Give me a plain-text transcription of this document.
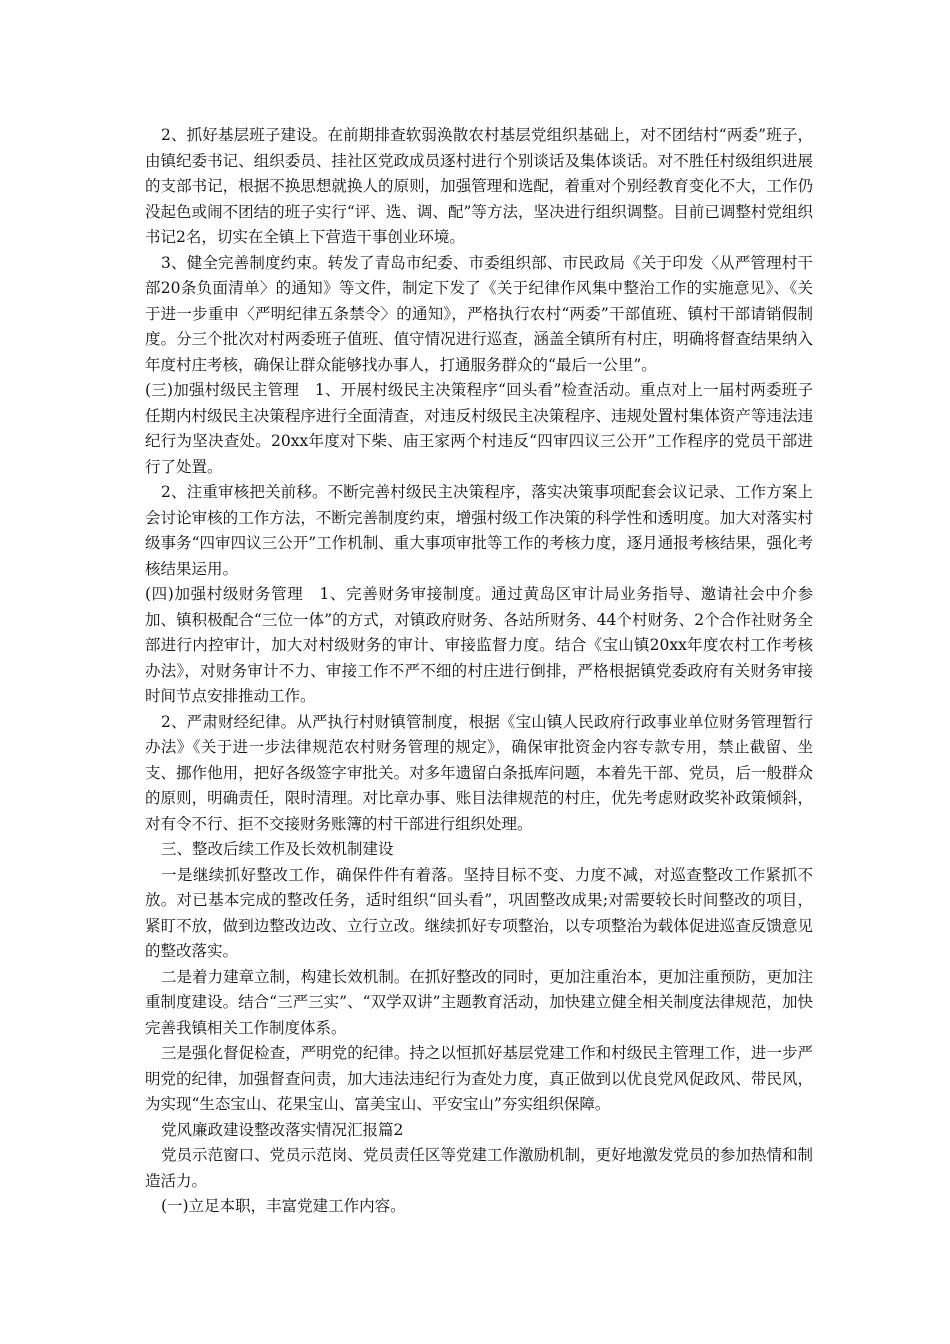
2、抓好基层班子建设。在前期排查软弱涣散农村基层党组织基础上，对不团结村“两委”班子，由镇纪委书记、组织委员、挂社区党政成员逐村进行个别谈话及集体谈话。对不胜任村级组织进展的支部书记，根据不换思想就换人的原则，加强管理和选配，着重对个别经教育变化不大，工作仍没起色或闹不团结的班子实行“评、选、调、配”等方法，坚决进行组织调整。目前已调整村党组织书记2名，切实在全镇上下营造干事创业环境。

3、健全完善制度约束。转发了青岛市纪委、市委组织部、市民政局《关于印发〈从严管理村干部20条负面清单〉的通知》等文件，制定下发了《关于纪律作风集中整治工作的实施意见》、《关于进一步重申〈严明纪律五条禁令〉的通知》，严格执行农村“两委”干部值班、镇村干部请销假制度。分三个批次对村两委班子值班、值守情况进行巡查，涵盖全镇所有村庄，明确将督查结果纳入年度村庄考核，确保让群众能够找办事人，打通服务群众的“最后一公里”。

(三)加强村级民主管理　1、开展村级民主决策程序“回头看”检查活动。重点对上一届村两委班子任期内村级民主决策程序进行全面清查，对违反村级民主决策程序、违规处置村集体资产等违法违纪行为坚决查处。20xx年度对下柴、庙王家两个村违反“四审四议三公开”工作程序的党员干部进行了处置。

2、注重审核把关前移。不断完善村级民主决策程序，落实决策事项配套会议记录、工作方案上会讨论审核的工作方法，不断完善制度约束，增强村级工作决策的科学性和透明度。加大对落实村级事务“四审四议三公开”工作机制、重大事项审批等工作的考核力度，逐月通报考核结果，强化考核结果运用。

(四)加强村级财务管理　1、完善财务审接制度。通过黄岛区审计局业务指导、邀请社会中介参加、镇积极配合“三位一体”的方式，对镇政府财务、各站所财务、44个村财务、2个合作社财务全部进行内控审计，加大对村级财务的审计、审接监督力度。结合《宝山镇20xx年度农村工作考核办法》，对财务审计不力、审接工作不严不细的村庄进行倒排，严格根据镇党委政府有关财务审接时间节点安排推动工作。

2、严肃财经纪律。从严执行村财镇管制度，根据《宝山镇人民政府行政事业单位财务管理暂行办法》《关于进一步法律规范农村财务管理的规定》，确保审批资金内容专款专用，禁止截留、坐支、挪作他用，把好各级签字审批关。对多年遗留白条抵库问题，本着先干部、党员，后一般群众的原则，明确责任，限时清理。对比章办事、账目法律规范的村庄，优先考虑财政奖补政策倾斜，对有令不行、拒不交接财务账簿的村干部进行组织处理。

三、整改后续工作及长效机制建设

一是继续抓好整改工作，确保件件有着落。坚持目标不变、力度不减，对巡查整改工作紧抓不放。对已基本完成的整改任务，适时组织“回头看”，巩固整改成果;对需要较长时间整改的项目，紧盯不放，做到边整改边改、立行立改。继续抓好专项整治，以专项整治为载体促进巡查反馈意见的整改落实。

二是着力建章立制，构建长效机制。在抓好整改的同时，更加注重治本，更加注重预防，更加注重制度建设。结合“三严三实”、“双学双讲”主题教育活动，加快建立健全相关制度法律规范，加快完善我镇相关工作制度体系。

三是强化督促检查，严明党的纪律。持之以恒抓好基层党建工作和村级民主管理工作，进一步严明党的纪律，加强督查问责，加大违法违纪行为查处力度，真正做到以优良党风促政风、带民风，为实现“生态宝山、花果宝山、富美宝山、平安宝山”夯实组织保障。

党风廉政建设整改落实情况汇报篇2

党员示范窗口、党员示范岗、党员责任区等党建工作激励机制，更好地激发党员的参加热情和制造活力。

(一)立足本职，丰富党建工作内容。
